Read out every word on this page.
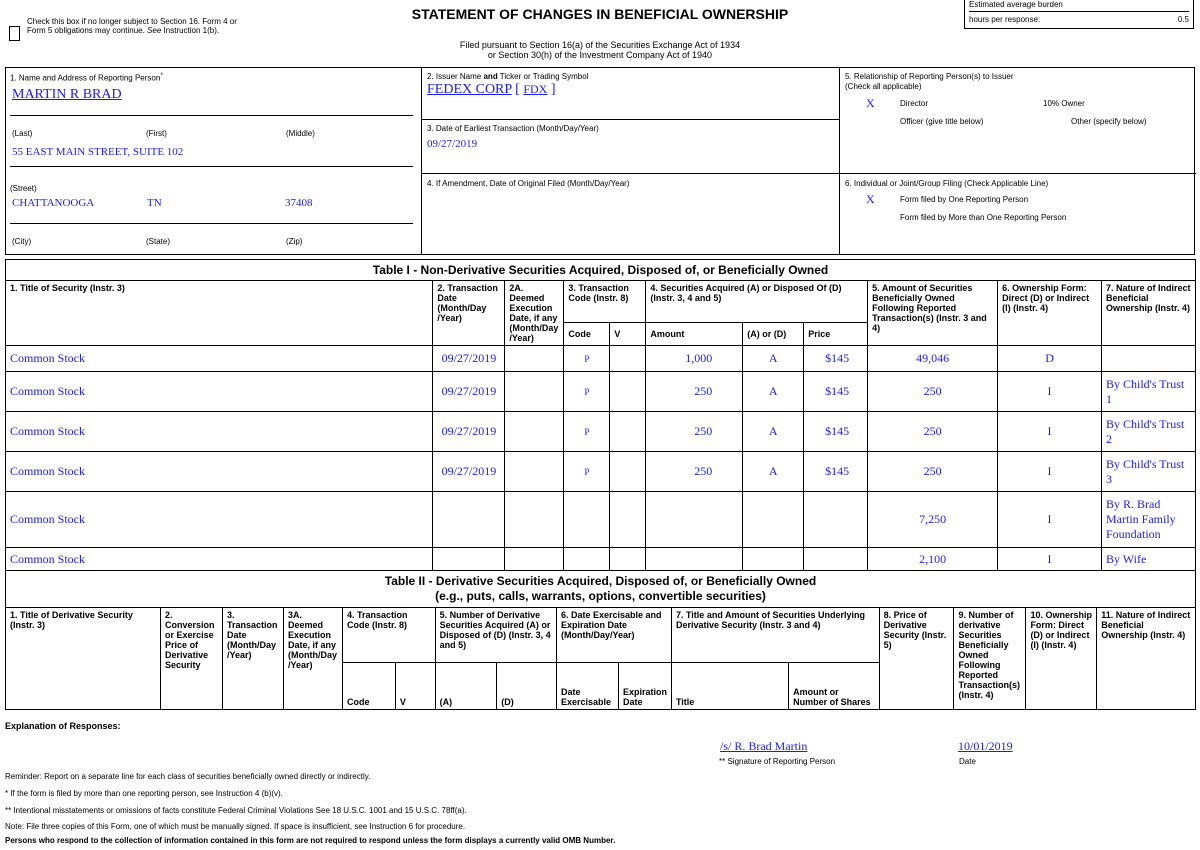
Check this box if no longer subject to Section 16. Form 4 or Form 5 obligations may continue. See Instruction 1(b).
STATEMENT OF CHANGES IN BENEFICIAL OWNERSHIP
Filed pursuant to Section 16(a) of the Securities Exchange Act of 1934
or Section 30(h) of the Investment Company Act of 1940
Estimated average burden
hours per response:	0.5
1. Name and Address of Reporting Person*
MARTIN R BRAD
(Last)	(First)	(Middle)
55 EAST MAIN STREET, SUITE 102
(Street)
CHATTANOOGA	TN	37408
(City)	(State)	(Zip)
2. Issuer Name and Ticker or Trading Symbol
FEDEX CORP [ FDX ]
3. Date of Earliest Transaction (Month/Day/Year)
09/27/2019
4. If Amendment, Date of Original Filed (Month/Day/Year)
5. Relationship of Reporting Person(s) to Issuer
(Check all applicable)
X	Director	10% Owner
Officer (give title below)	Other (specify below)
6. Individual or Joint/Group Filing (Check Applicable Line)
X	Form filed by One Reporting Person
Form filed by More than One Reporting Person
Table I - Non-Derivative Securities Acquired, Disposed of, or Beneficially Owned										
1. Title of Security (Instr. 3)	2. Transaction Date (Month/Day /Year)	2A. Deemed Execution Date, if any (Month/Day /Year)	3. Transaction Code (Instr. 8)		4. Securities Acquired (A) or Disposed Of (D) (Instr. 3, 4 and 5)			5. Amount of Securities Beneficially Owned Following Reported Transaction(s) (Instr. 3 and 4)	6. Ownership Form: Direct (D) or Indirect (I) (Instr. 4)	7. Nature of Indirect Beneficial Ownership (Instr. 4)
			Code	V	Amount	(A) or (D)	Price			
Common Stock	09/27/2019		P		1,000	A	$145	49,046	D	
Common Stock	09/27/2019		P		250	A	$145	250	I	By Child's Trust 1
Common Stock	09/27/2019		P		250	A	$145	250	I	By Child's Trust 2
Common Stock	09/27/2019		P		250	A	$145	250	I	By Child's Trust 3
Common Stock								7,250	I	By R. Brad Martin Family Foundation
Common Stock								2,100	I	By Wife
Table II - Derivative Securities Acquired, Disposed of, or Beneficially Owned
(e.g., puts, calls, warrants, options, convertible securities)															

1. Title of Derivative Security (Instr. 3)	2. Conversion or Exercise Price of Derivative Security	3. Transaction Date (Month/Day /Year)	3A. Deemed Execution Date, if any (Month/Day /Year)	4. Transaction Code (Instr. 8)		5. Number of Derivative Securities Acquired (A) or Disposed of (D) (Instr. 3, 4 and 5)		6. Date Exercisable and Expiration Date (Month/Day/Year)		7. Title and Amount of Securities Underlying Derivative Security (Instr. 3 and 4)		8. Price of Derivative Security (Instr. 5)	9. Number of derivative Securities Beneficially Owned Following Reported Transaction(s) (Instr. 4)	10. Ownership Form: Direct (D) or Indirect (I) (Instr. 4)	11. Nature of Indirect Beneficial Ownership (Instr. 4)
				Code	V	(A)	(D)	Date Exercisable	Expiration Date	Title	Amount or Number of Shares				
Explanation of Responses:
/s/ R. Brad Martin
** Signature of Reporting Person
10/01/2019
Date
Reminder: Report on a separate line for each class of securities beneficially owned directly or indirectly.
* If the form is filed by more than one reporting person, see Instruction 4 (b)(v).
** Intentional misstatements or omissions of facts constitute Federal Criminal Violations See 18 U.S.C. 1001 and 15 U.S.C. 78ff(a).
Note: File three copies of this Form, one of which must be manually signed. If space is insufficient, see Instruction 6 for procedure.
Persons who respond to the collection of information contained in this form are not required to respond unless the form displays a currently valid OMB Number.
